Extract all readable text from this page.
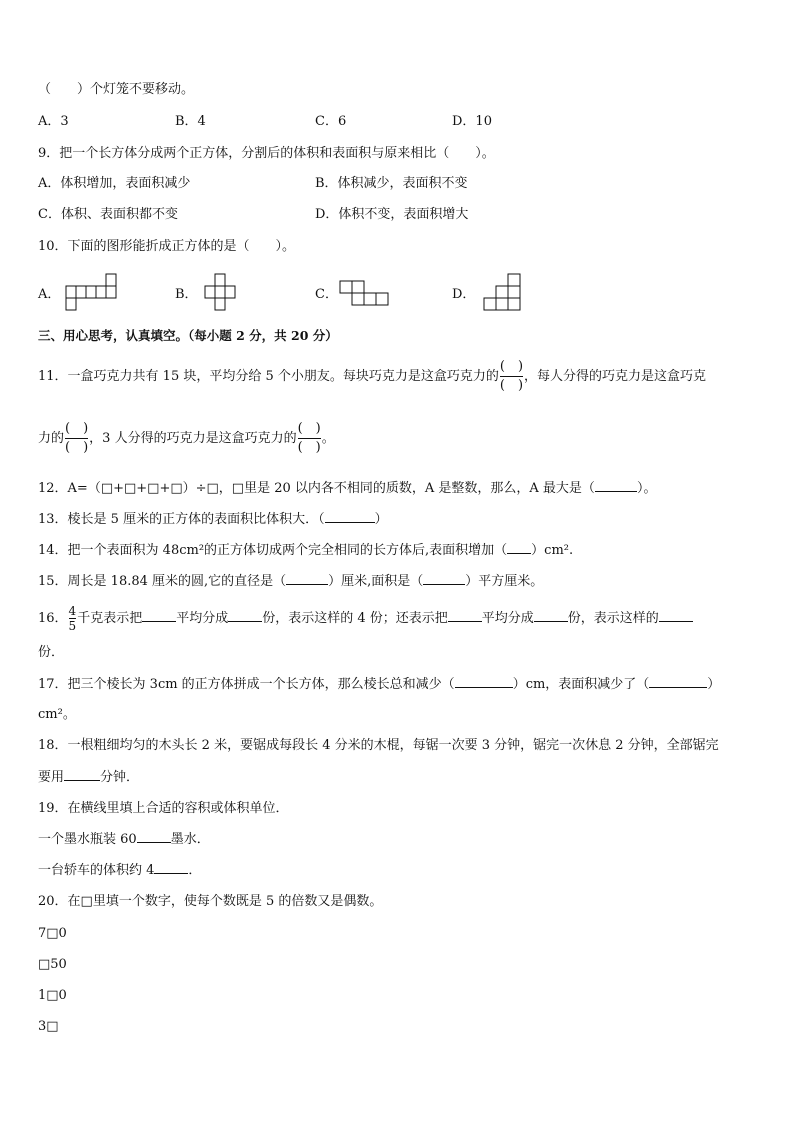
（　　）个灯笼不要移动。
A．3	B．4	C．6	D．10
9．把一个长方体分成两个正方体，分割后的体积和表面积与原来相比（　　）。
A．体积增加，表面积减少	B．体积减少，表面积不变
C．体积、表面积都不变	D．体积不变，表面积增大
10．下面的图形能折成正方体的是（　　）。
A．	B．	C．	D．
三、用心思考，认真填空。（每小题 2 分，共 20 分）
11．一盒巧克力共有 15 块，平均分给 5 个小朋友。每块巧克力是这盒巧克力的 $\frac{( )}{( )}$ ，每人分得的巧克力是这盒巧克
力的 $\frac{( )}{( )}$ ，3 人分得的巧克力是这盒巧克力的 $\frac{( )}{( )}$ 。
12．A=（□+□+□+□）÷□，□里是 20 以内各不相同的质数，A 是整数，那么，A 最大是（	）。
13．棱长是 5 厘米的正方体的表面积比体积大．（	）
14．把一个表面积为 48cm²的正方体切成两个完全相同的长方体后,表面积增加（ ）cm².
15．周长是 18.84 厘米的圆,它的直径是（	）厘米,面积是（	）平方厘米。
16． $\frac{4}{5}$ 千克表示把	平均分成	份，表示这样的 4 份；还表示把	平均分成	份，表示这样的
份．
17．把三个棱长为 3cm 的正方体拼成一个长方体，那么棱长总和减少（	）cm，表面积减少了（	）
cm²。
18．一根粗细均匀的木头长 2 米，要锯成每段长 4 分米的木棍，每锯一次要 3 分钟，锯完一次休息 2 分钟，全部锯完
要用	分钟．
19．在横线里填上合适的容积或体积单位．
一个墨水瓶装 60	墨水．
一台轿车的体积约 4	．
20．在□里填一个数字，使每个数既是 5 的倍数又是偶数。
7□0
□50
1□0
3□
